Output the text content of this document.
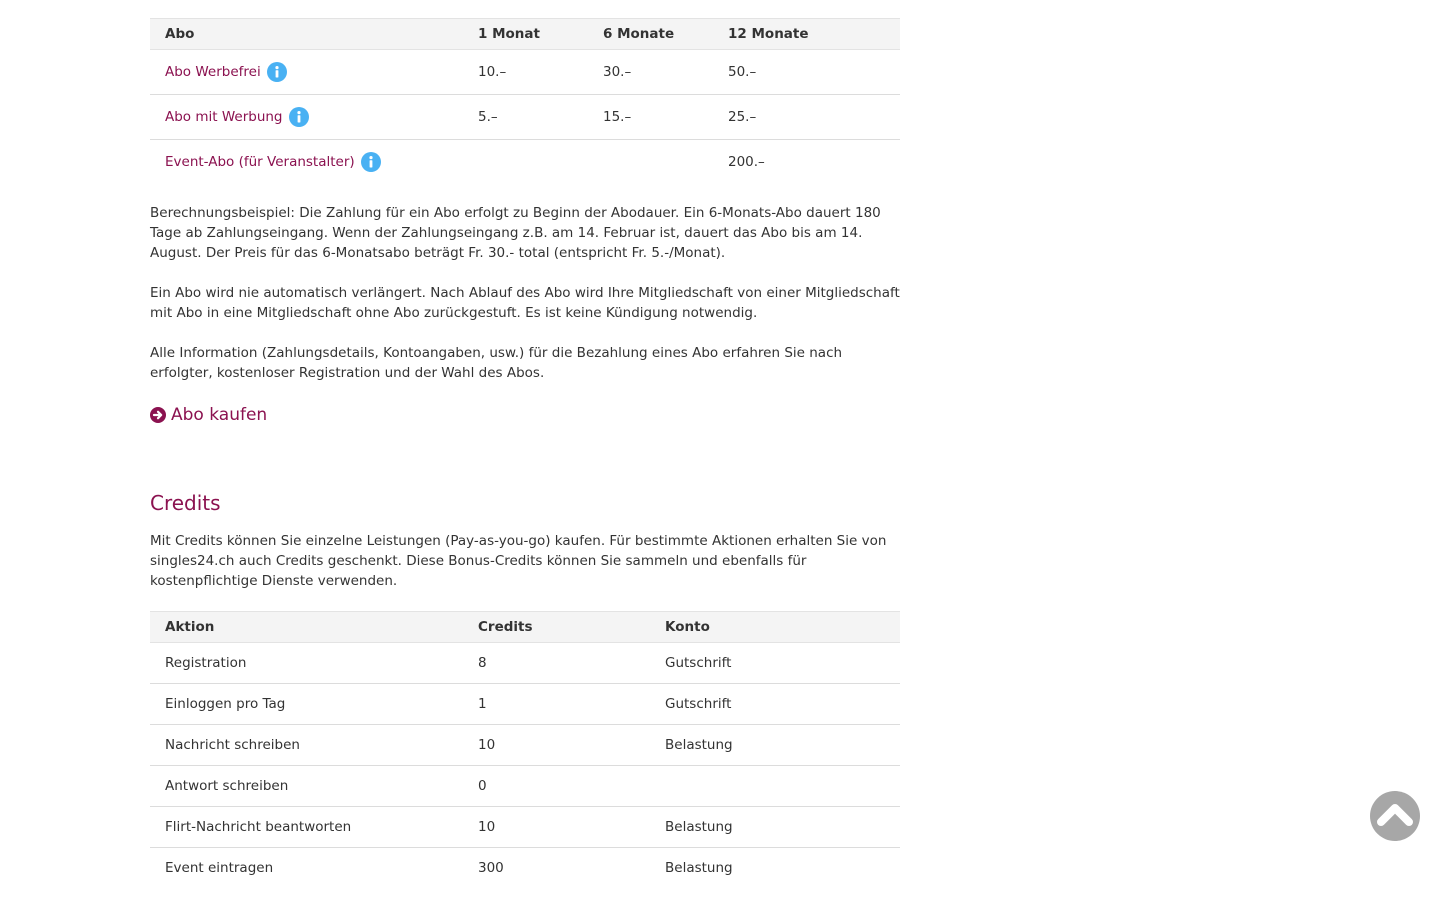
Abo	1 Monat	6 Monate	12 Monate
Abo Werbefrei	10.–	30.–	50.–
Abo mit Werbung	5.–	15.–	25.–
Event-Abo (für Veranstalter)			200.–

Berechnungsbeispiel: Die Zahlung für ein Abo erfolgt zu Beginn der Abodauer. Ein 6-Monats-Abo dauert 180 Tage ab Zahlungseingang. Wenn der Zahlungseingang z.B. am 14. Februar ist, dauert das Abo bis am 14. August. Der Preis für das 6-Monatsabo beträgt Fr. 30.- total (entspricht Fr. 5.-/Monat).

Ein Abo wird nie automatisch verlängert. Nach Ablauf des Abo wird Ihre Mitgliedschaft von einer Mitgliedschaft mit Abo in eine Mitgliedschaft ohne Abo zurückgestuft. Es ist keine Kündigung notwendig.

Alle Information (Zahlungsdetails, Kontoangaben, usw.) für die Bezahlung eines Abo erfahren Sie nach erfolgter, kostenloser Registration und der Wahl des Abos.

Abo kaufen
Credits

Mit Credits können Sie einzelne Leistungen (Pay-as-you-go) kaufen. Für bestimmte Aktionen erhalten Sie von singles24.ch auch Credits geschenkt. Diese Bonus-Credits können Sie sammeln und ebenfalls für kostenpflichtige Dienste verwenden.

Aktion	Credits	Konto
Registration	8	Gutschrift
Einloggen pro Tag	1	Gutschrift
Nachricht schreiben	10	Belastung
Antwort schreiben	0	
Flirt-Nachricht beantworten	10	Belastung
Event eintragen	300	Belastung
